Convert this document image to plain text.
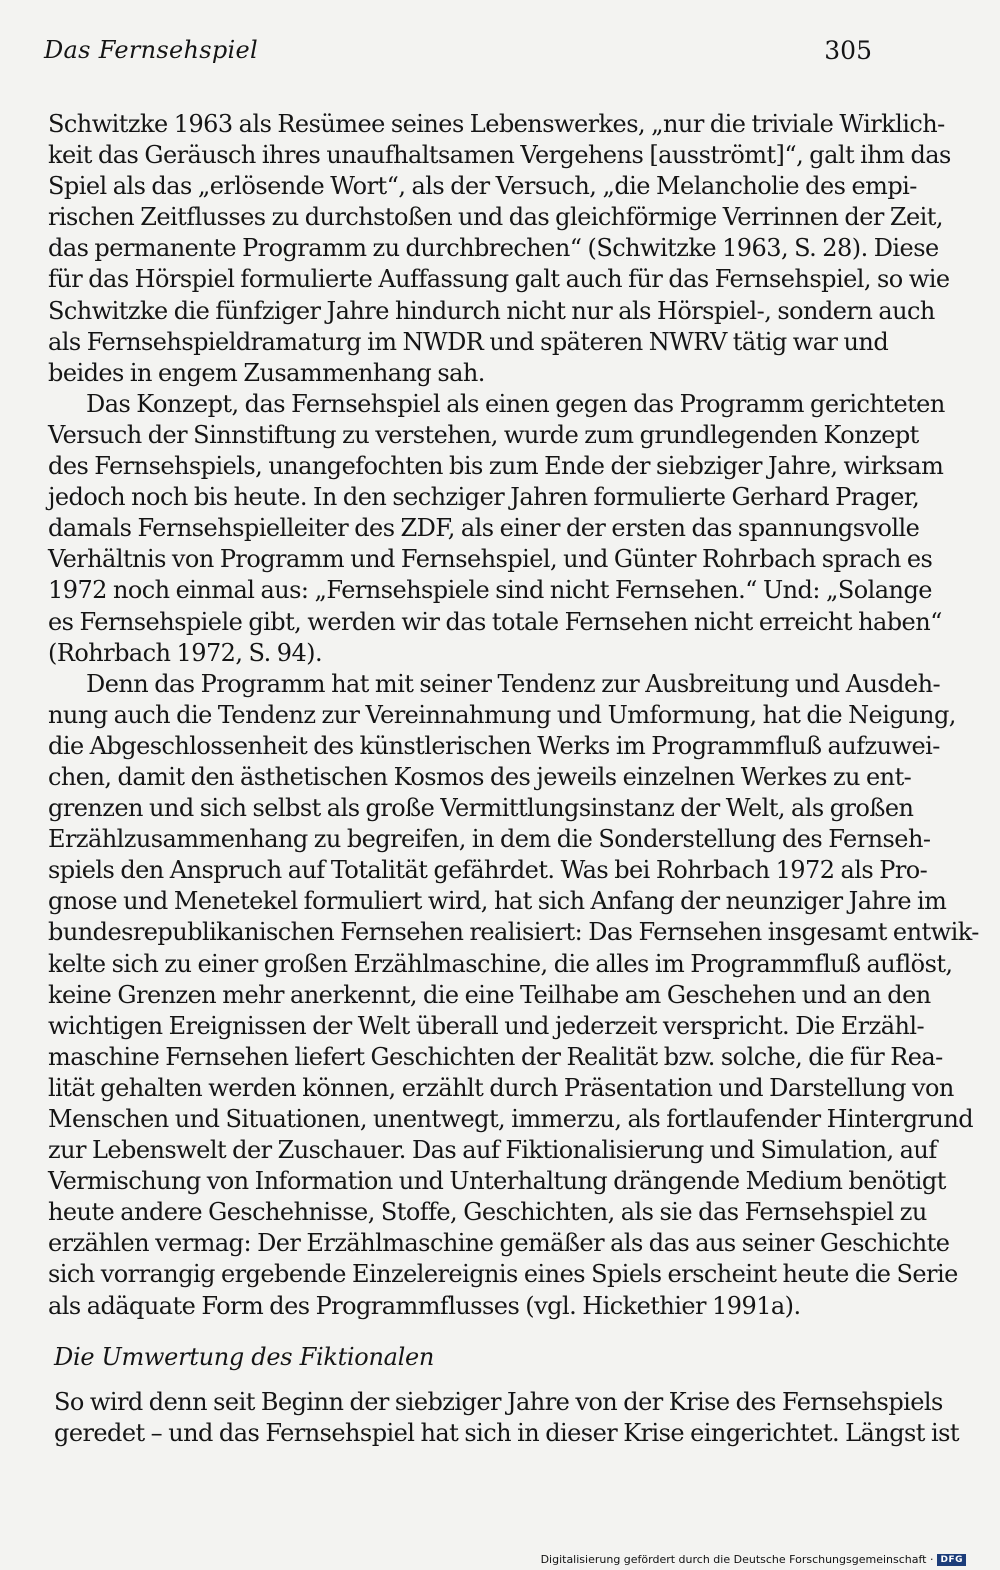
Das Fernsehspiel	305
Schwitzke 1963 als Resümee seines Lebenswerkes, „nur die triviale Wirklich-
keit das Geräusch ihres unaufhaltsamen Vergehens [ausströmt]“, galt ihm das
Spiel als das „erlösende Wort“, als der Versuch, „die Melancholie des empi-
rischen Zeitflusses zu durchstoßen und das gleichförmige Verrinnen der Zeit,
das permanente Programm zu durchbrechen“ (Schwitzke 1963, S. 28). Diese
für das Hörspiel formulierte Auffassung galt auch für das Fernsehspiel, so wie
Schwitzke die fünfziger Jahre hindurch nicht nur als Hörspiel-, sondern auch
als Fernsehspieldramaturg im NWDR und späteren NWRV tätig war und
beides in engem Zusammenhang sah.
Das Konzept, das Fernsehspiel als einen gegen das Programm gerichteten
Versuch der Sinnstiftung zu verstehen, wurde zum grundlegenden Konzept
des Fernsehspiels, unangefochten bis zum Ende der siebziger Jahre, wirksam
jedoch noch bis heute. In den sechziger Jahren formulierte Gerhard Prager,
damals Fernsehspielleiter des ZDF, als einer der ersten das spannungsvolle
Verhältnis von Programm und Fernsehspiel, und Günter Rohrbach sprach es
1972 noch einmal aus: „Fernsehspiele sind nicht Fernsehen.“ Und: „Solange
es Fernsehspiele gibt, werden wir das totale Fernsehen nicht erreicht haben“
(Rohrbach 1972, S. 94).
Denn das Programm hat mit seiner Tendenz zur Ausbreitung und Ausdeh-
nung auch die Tendenz zur Vereinnahmung und Umformung, hat die Neigung,
die Abgeschlossenheit des künstlerischen Werks im Programmfluß aufzuwei-
chen, damit den ästhetischen Kosmos des jeweils einzelnen Werkes zu ent-
grenzen und sich selbst als große Vermittlungsinstanz der Welt, als großen
Erzählzusammenhang zu begreifen, in dem die Sonderstellung des Fernseh-
spiels den Anspruch auf Totalität gefährdet. Was bei Rohrbach 1972 als Pro-
gnose und Menetekel formuliert wird, hat sich Anfang der neunziger Jahre im
bundesrepublikanischen Fernsehen realisiert: Das Fernsehen insgesamt entwik-
kelte sich zu einer großen Erzählmaschine, die alles im Programmfluß auflöst,
keine Grenzen mehr anerkennt, die eine Teilhabe am Geschehen und an den
wichtigen Ereignissen der Welt überall und jederzeit verspricht. Die Erzähl-
maschine Fernsehen liefert Geschichten der Realität bzw. solche, die für Rea-
lität gehalten werden können, erzählt durch Präsentation und Darstellung von
Menschen und Situationen, unentwegt, immerzu, als fortlaufender Hintergrund
zur Lebenswelt der Zuschauer. Das auf Fiktionalisierung und Simulation, auf
Vermischung von Information und Unterhaltung drängende Medium benötigt
heute andere Geschehnisse, Stoffe, Geschichten, als sie das Fernsehspiel zu
erzählen vermag: Der Erzählmaschine gemäßer als das aus seiner Geschichte
sich vorrangig ergebende Einzelereignis eines Spiels erscheint heute die Serie
als adäquate Form des Programmflusses (vgl. Hickethier 1991a).
Die Umwertung des Fiktionalen
So wird denn seit Beginn der siebziger Jahre von der Krise des Fernsehspiels
geredet – und das Fernsehspiel hat sich in dieser Krise eingerichtet. Längst ist
Digitalisierung gefördert durch die Deutsche Forschungsgemeinschaft · DFG
